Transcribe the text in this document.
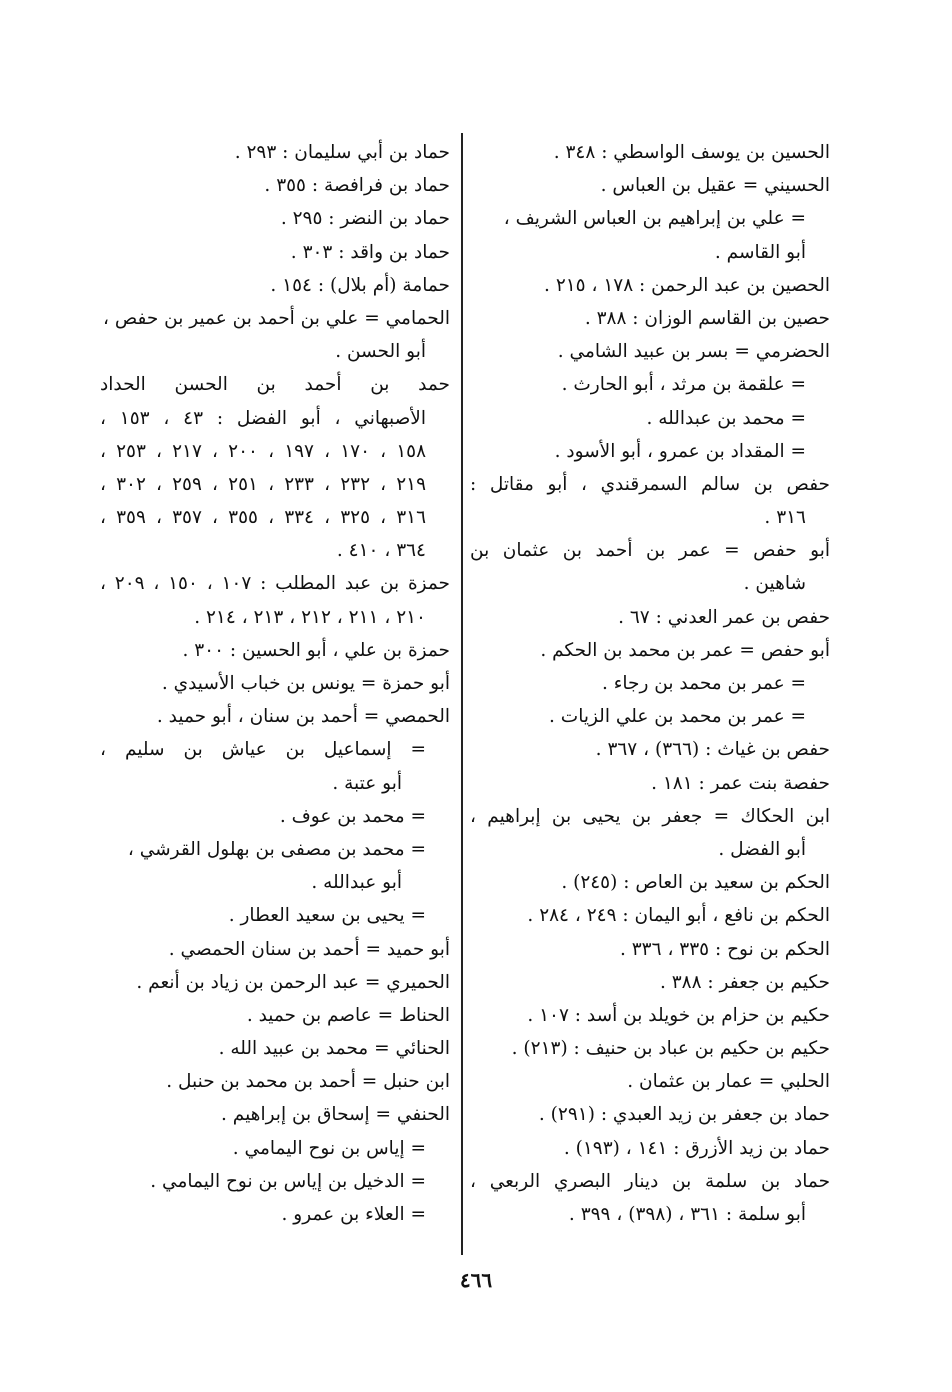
الحسين بن يوسف الواسطي : ٣٤٨ .
الحسيني = عقيل بن العباس .
= علي بن إبراهيم بن العباس الشريف ،
أبو القاسم .
الحصين بن عبد الرحمن : ١٧٨ ، ٢١٥ .
حصين بن القاسم الوزان : ٣٨٨ .
الحضرمي = بسر بن عبيد الشامي .
= علقمة بن مرثد ، أبو الحارث .
= محمد بن عبدالله .
= المقداد بن عمرو ، أبو الأسود .
حفص بن سالم السمرقندي ، أبو مقاتل :
٣١٦ .
أبو حفص = عمر بن أحمد بن عثمان بن
شاهين .
حفص بن عمر العدني : ٦٧ .
أبو حفص = عمر بن محمد بن الحكم .
= عمر بن محمد بن رجاء .
= عمر بن محمد بن علي الزيات .
حفص بن غياث : (٣٦٦) ، ٣٦٧ .
حفصة بنت عمر : ١٨١ .
ابن الحكاك = جعفر بن يحيى بن إبراهيم ،
أبو الفضل .
الحكم بن سعيد بن العاص : (٢٤٥) .
الحكم بن نافع ، أبو اليمان : ٢٤٩ ، ٢٨٤ .
الحكم بن نوح : ٣٣٥ ، ٣٣٦ .
حكيم بن جعفر : ٣٨٨ .
حكيم بن حزام بن خويلد بن أسد : ١٠٧ .
حكيم بن حكيم بن عباد بن حنيف : (٢١٣) .
الحلبي = عمار بن عثمان .
حماد بن جعفر بن زيد العبدي : (٢٩١) .
حماد بن زيد الأزرق : ١٤١ ، (١٩٣) .
حماد بن سلمة بن دينار البصري الربعي ،
أبو سلمة : ٣٦١ ، (٣٩٨) ، ٣٩٩ .
حماد بن أبي سليمان : ٢٩٣ .
حماد بن فرافصة : ٣٥٥ .
حماد بن النضر : ٢٩٥ .
حماد بن واقد : ٣٠٣ .
حمامة (أم بلال) : ١٥٤ .
الحمامي = علي بن أحمد بن عمير بن حفص ،
أبو الحسن .
حمد بن أحمد بن الحسن الحداد
الأصبهاني ، أبو الفضل : ٤٣ ، ١٥٣ ،
١٥٨ ، ١٧٠ ، ١٩٧ ، ٢٠٠ ، ٢١٧ ، ٢٥٣ ،
٢١٩ ، ٢٣٢ ، ٢٣٣ ، ٢٥١ ، ٢٥٩ ، ٣٠٢ ،
٣١٦ ، ٣٢٥ ، ٣٣٤ ، ٣٥٥ ، ٣٥٧ ، ٣٥٩ ،
٣٦٤ ، ٤١٠ .
حمزة بن عبد المطلب : ١٠٧ ، ١٥٠ ، ٢٠٩ ،
٢١٠ ، ٢١١ ، ٢١٢ ، ٢١٣ ، ٢١٤ .
حمزة بن علي ، أبو الحسين : ٣٠٠ .
أبو حمزة = يونس بن خباب الأسيدي .
الحمصي = أحمد بن سنان ، أبو حميد .
= إسماعيل بن عياش بن سليم ،
أبو عتبة .
= محمد بن عوف .
= محمد بن مصفى بن بهلول القرشي ،
أبو عبدالله .
= يحيى بن سعيد العطار .
أبو حميد = أحمد بن سنان الحمصي .
الحميري = عبد الرحمن بن زياد بن أنعم .
الحناط = عاصم بن حميد .
الحنائي = محمد بن عبيد الله .
ابن حنبل = أحمد بن محمد بن حنبل .
الحنفي = إسحاق بن إبراهيم .
= إياس بن نوح اليمامي .
= الدخيل بن إياس بن نوح اليمامي .
= العلاء بن عمرو .
٤٦٦
